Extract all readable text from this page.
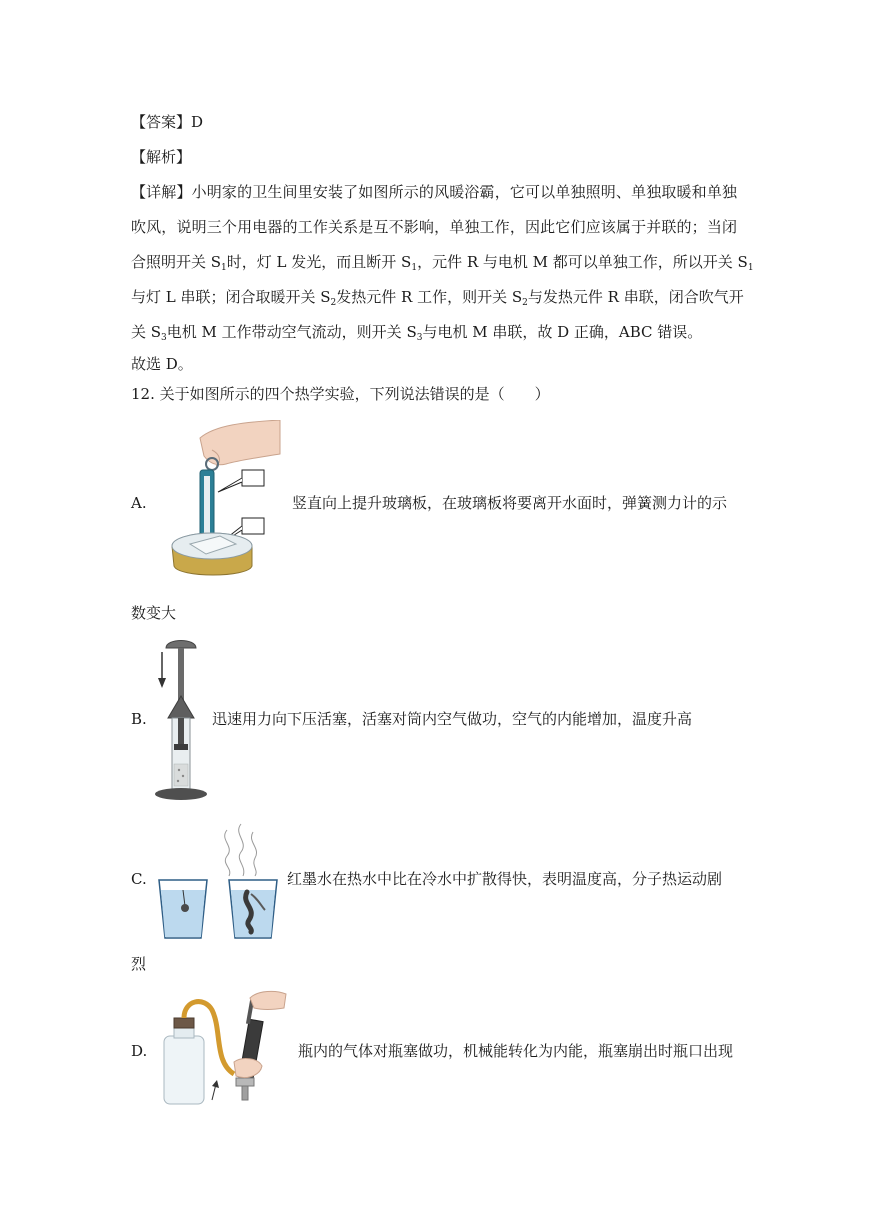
【答案】D
【解析】
【详解】小明家的卫生间里安装了如图所示的风暖浴霸，它可以单独照明、单独取暖和单独
吹风，说明三个用电器的工作关系是互不影响，单独工作，因此它们应该属于并联的；当闭
合照明开关 $S_1$时，灯 L 发光，而且断开 $S_1$，元件 R 与电机 M 都可以单独工作，所以开关 $S_1$
与灯 L 串联；闭合取暖开关 $S_2$发热元件 R 工作，则开关 $S_2$与发热元件 R 串联，闭合吹气开
关 $S_3$电机 M 工作带动空气流动，则开关 $S_3$与电机 M 串联，故 D 正确，ABC 错误。
故选 D。
12. 关于如图所示的四个热学实验，下列说法错误的是（　　）
A.	竖直向上提升玻璃板，在玻璃板将要离开水面时，弹簧测力计的示
数变大
B.	迅速用力向下压活塞，活塞对筒内空气做功，空气的内能增加，温度升高
C.	红墨水在热水中比在冷水中扩散得快，表明温度高，分子热运动剧
烈
D.	瓶内的气体对瓶塞做功，机械能转化为内能，瓶塞崩出时瓶口出现
